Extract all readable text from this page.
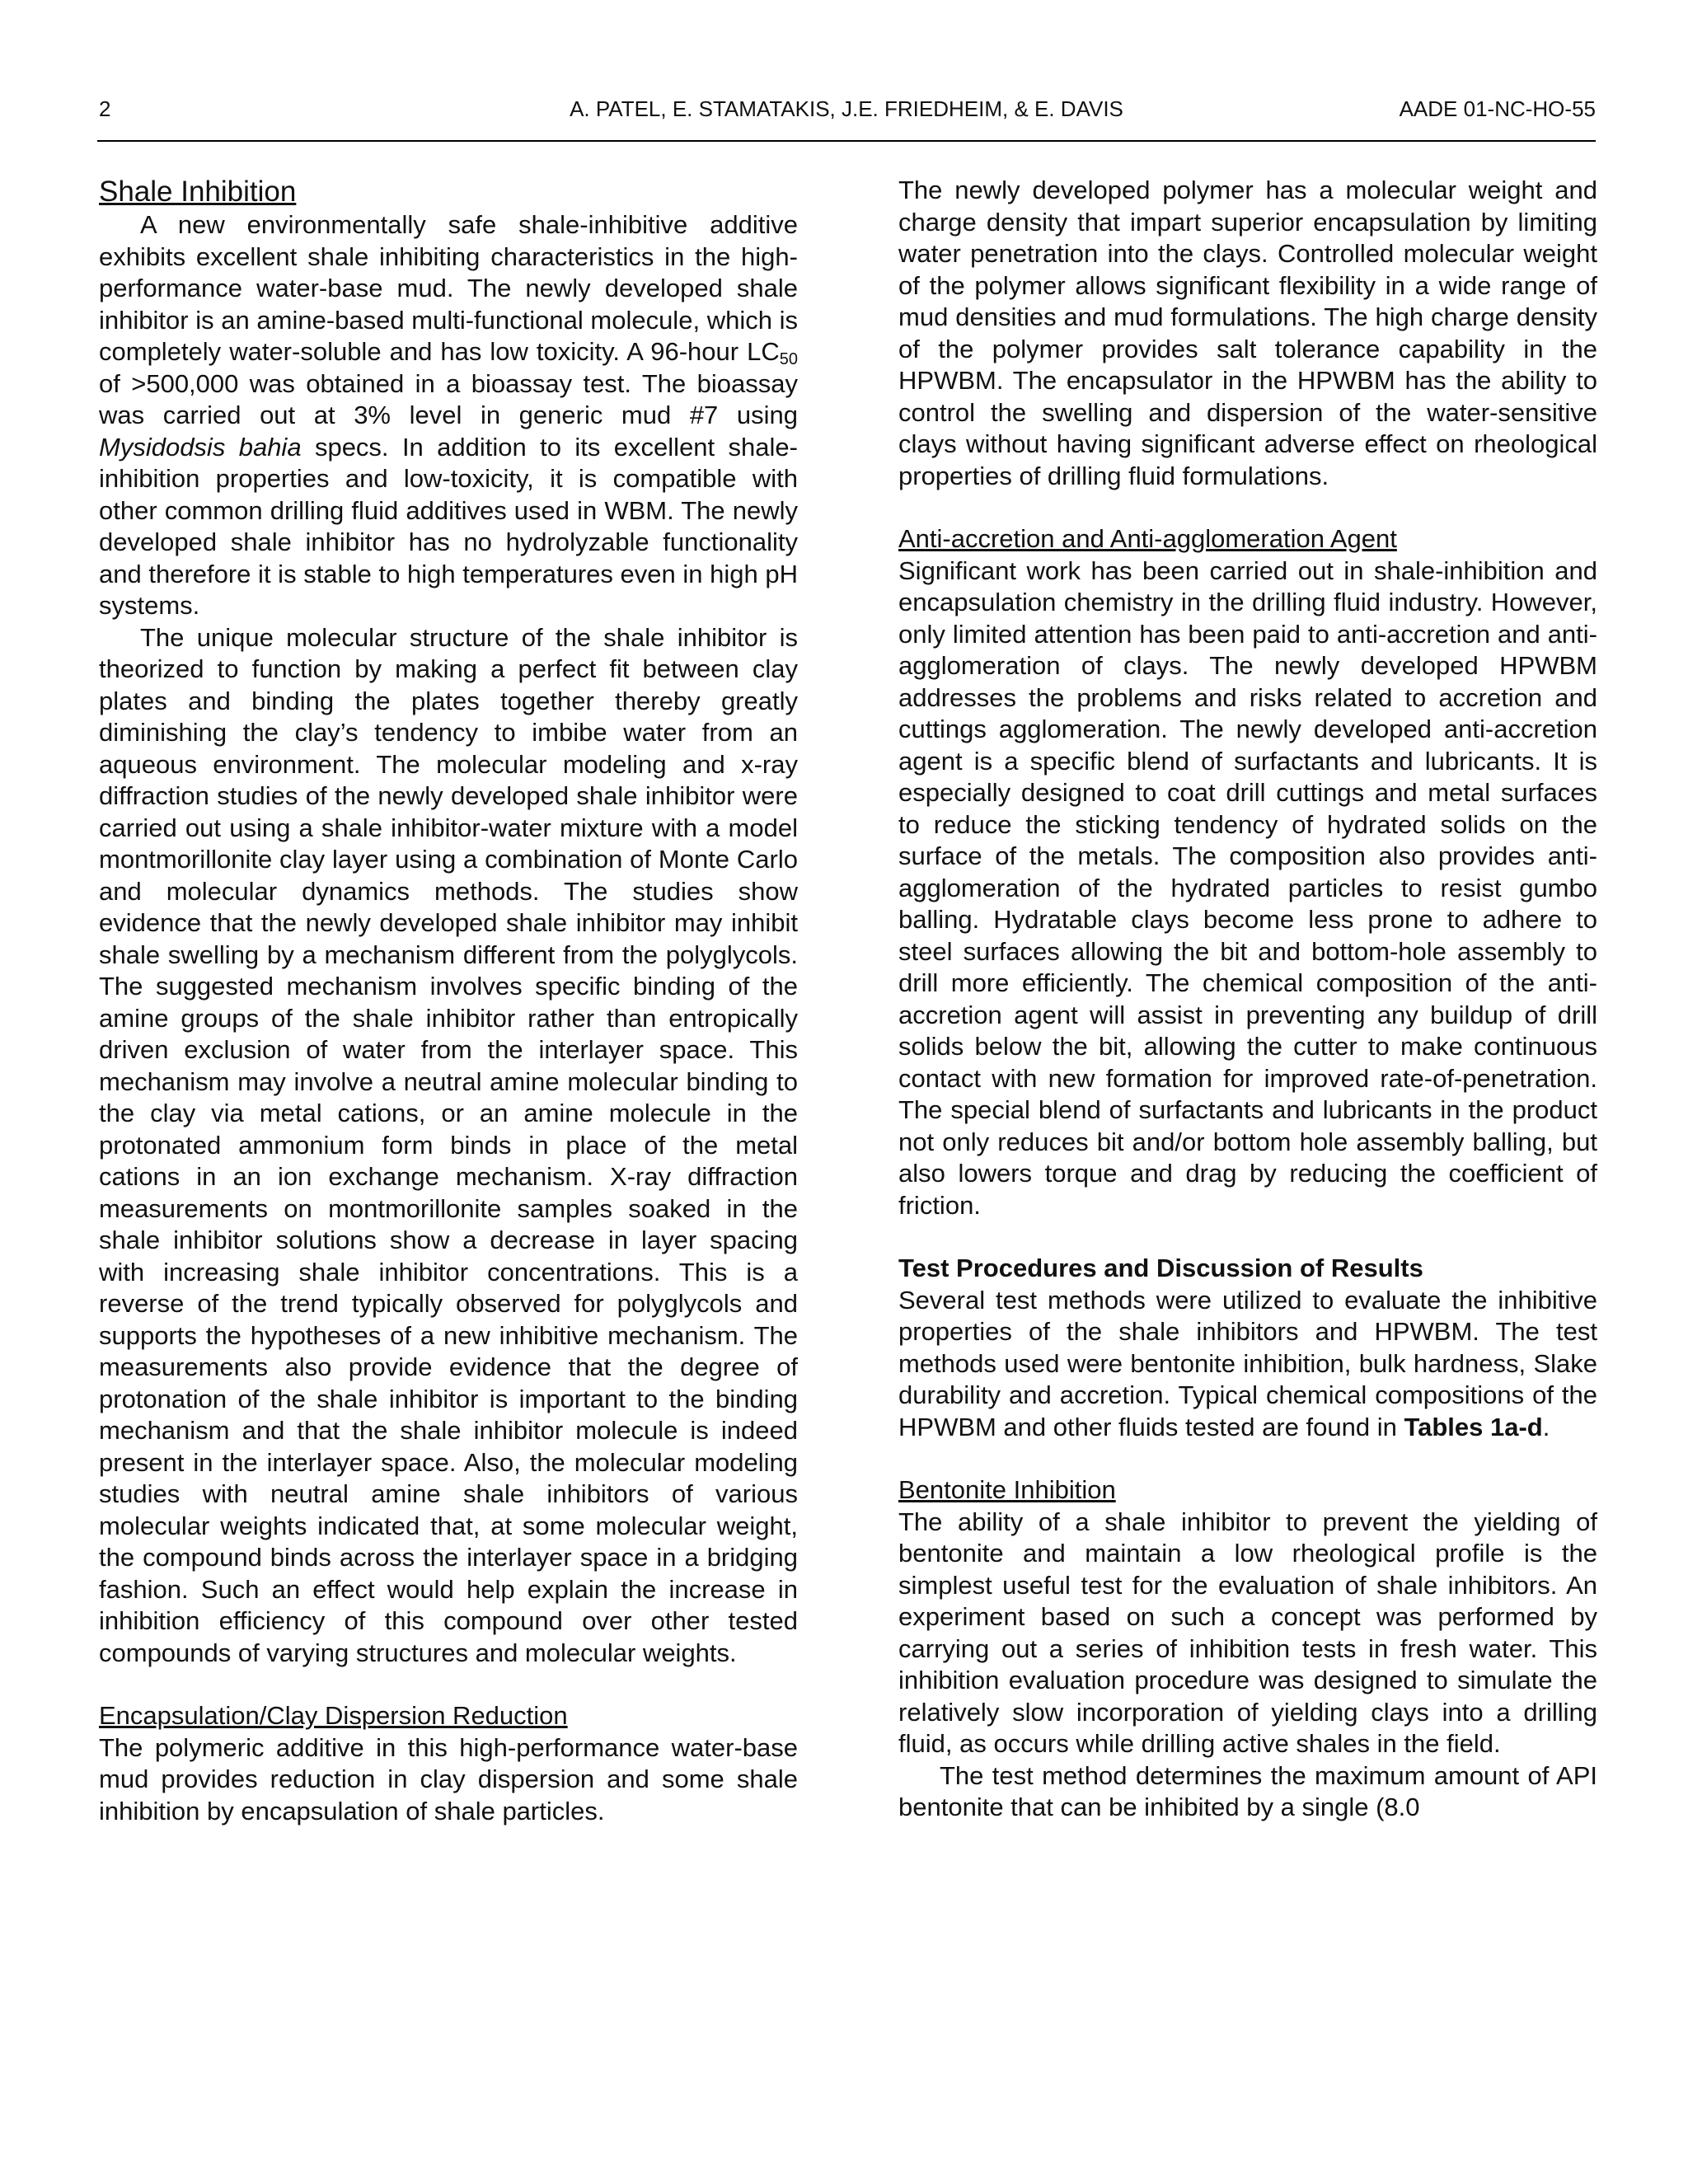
2	A. PATEL, E. STAMATAKIS, J.E. FRIEDHEIM, & E. DAVIS	AADE 01-NC-HO-55
Shale Inhibition

A new environmentally safe shale-inhibitive additive exhibits excellent shale inhibiting characteristics in the high-performance water-base mud. The newly developed shale inhibitor is an amine-based multi-functional molecule, which is completely water-soluble and has low toxicity. A 96-hour $LC_{50}$ of >500,000 was obtained in a bioassay test. The bioassay was carried out at 3% level in generic mud #7 using Mysidodsis bahia specs. In addition to its excellent shale-inhibition properties and low-toxicity, it is compatible with other common drilling fluid additives used in WBM. The newly developed shale inhibitor has no hydrolyzable functionality and therefore it is stable to high temperatures even in high pH systems.

The unique molecular structure of the shale inhibitor is theorized to function by making a perfect fit between clay plates and binding the plates together thereby greatly diminishing the clay’s tendency to imbibe water from an aqueous environment. The molecular modeling and x-ray diffraction studies of the newly developed shale inhibitor were carried out using a shale inhibitor-water mixture with a model montmorillonite clay layer using a combination of Monte Carlo and molecular dynamics methods. The studies show evidence that the newly developed shale inhibitor may inhibit shale swelling by a mechanism different from the polyglycols. The suggested mechanism involves specific binding of the amine groups of the shale inhibitor rather than entropically driven exclusion of water from the interlayer space. This mechanism may involve a neutral amine molecular binding to the clay via metal cations, or an amine molecule in the protonated ammonium form binds in place of the metal cations in an ion exchange mechanism. X-ray diffraction measurements on montmorillonite samples soaked in the shale inhibitor solutions show a decrease in layer spacing with increasing shale inhibitor concentrations. This is a reverse of the trend typically observed for polyglycols and supports the hypotheses of a new inhibitive mechanism. The measurements also provide evidence that the degree of protonation of the shale inhibitor is important to the binding mechanism and that the shale inhibitor molecule is indeed present in the interlayer space. Also, the molecular modeling studies with neutral amine shale inhibitors of various molecular weights indicated that, at some molecular weight, the compound binds across the interlayer space in a bridging fashion. Such an effect would help explain the increase in inhibition efficiency of this compound over other tested compounds of varying structures and molecular weights.

Encapsulation/Clay Dispersion Reduction

The polymeric additive in this high-performance water-base mud provides reduction in clay dispersion and some shale inhibition by encapsulation of shale particles.

The newly developed polymer has a molecular weight and charge density that impart superior encapsulation by limiting water penetration into the clays. Controlled molecular weight of the polymer allows significant flexibility in a wide range of mud densities and mud formulations. The high charge density of the polymer provides salt tolerance capability in the HPWBM. The encapsulator in the HPWBM has the ability to control the swelling and dispersion of the water-sensitive clays without having significant adverse effect on rheological properties of drilling fluid formulations.

Anti-accretion and Anti-agglomeration Agent

Significant work has been carried out in shale-inhibition and encapsulation chemistry in the drilling fluid industry. However, only limited attention has been paid to anti-accretion and anti-agglomeration of clays. The newly developed HPWBM addresses the problems and risks related to accretion and cuttings agglomeration. The newly developed anti-accretion agent is a specific blend of surfactants and lubricants. It is especially designed to coat drill cuttings and metal surfaces to reduce the sticking tendency of hydrated solids on the surface of the metals. The composition also provides anti-agglomeration of the hydrated particles to resist gumbo balling. Hydratable clays become less prone to adhere to steel surfaces allowing the bit and bottom-hole assembly to drill more efficiently. The chemical composition of the anti-accretion agent will assist in preventing any buildup of drill solids below the bit, allowing the cutter to make continuous contact with new formation for improved rate-of-penetration. The special blend of surfactants and lubricants in the product not only reduces bit and/or bottom hole assembly balling, but also lowers torque and drag by reducing the coefficient of friction.

Test Procedures and Discussion of Results

Several test methods were utilized to evaluate the inhibitive properties of the shale inhibitors and HPWBM. The test methods used were bentonite inhibition, bulk hardness, Slake durability and accretion. Typical chemical compositions of the HPWBM and other fluids tested are found in Tables 1a-d.

Bentonite Inhibition

The ability of a shale inhibitor to prevent the yielding of bentonite and maintain a low rheological profile is the simplest useful test for the evaluation of shale inhibitors. An experiment based on such a concept was performed by carrying out a series of inhibition tests in fresh water. This inhibition evaluation procedure was designed to simulate the relatively slow incorporation of yielding clays into a drilling fluid, as occurs while drilling active shales in the field.

The test method determines the maximum amount of API bentonite that can be inhibited by a single (8.0
